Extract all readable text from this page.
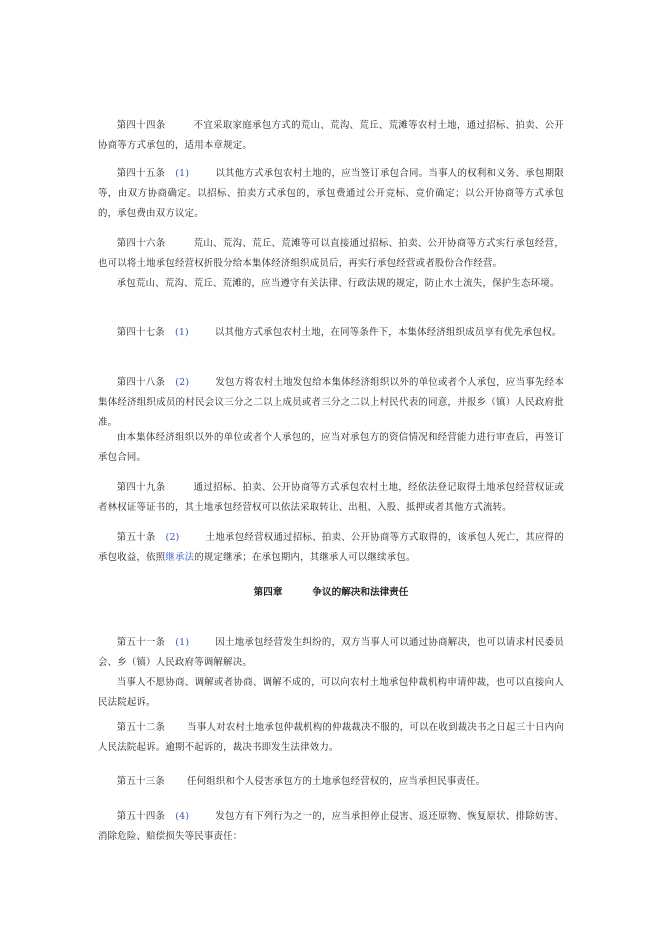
第四十四条	不宜采取家庭承包方式的荒山、荒沟、荒丘、荒滩等农村土地，通过招标、拍卖、公开协商等方式承包的，适用本章规定。

第四十五条 (1)	以其他方式承包农村土地的，应当签订承包合同。当事人的权利和义务、承包期限等，由双方协商确定。以招标、拍卖方式承包的，承包费通过公开竞标、竞价确定；以公开协商等方式承包的，承包费由双方议定。

第四十六条	荒山、荒沟、荒丘、荒滩等可以直接通过招标、拍卖、公开协商等方式实行承包经营，也可以将土地承包经营权折股分给本集体经济组织成员后，再实行承包经营或者股份合作经营。

承包荒山、荒沟、荒丘、荒滩的，应当遵守有关法律、行政法规的规定，防止水土流失，保护生态环境。

第四十七条 (1)	以其他方式承包农村土地，在同等条件下，本集体经济组织成员享有优先承包权。

第四十八条 (2)	发包方将农村土地发包给本集体经济组织以外的单位或者个人承包，应当事先经本集体经济组织成员的村民会议三分之二以上成员或者三分之二以上村民代表的同意，并报乡（镇）人民政府批准。

由本集体经济组织以外的单位或者个人承包的，应当对承包方的资信情况和经营能力进行审查后，再签订承包合同。

第四十九条	通过招标、拍卖、公开协商等方式承包农村土地，经依法登记取得土地承包经营权证或者林权证等证书的，其土地承包经营权可以依法采取转让、出租、入股、抵押或者其他方式流转。

第五十条 (2)	土地承包经营权通过招标、拍卖、公开协商等方式取得的，该承包人死亡，其应得的承包收益，依照继承法的规定继承；在承包期内，其继承人可以继续承包。

第四章	争议的解决和法律责任

第五十一条 (1)	因土地承包经营发生纠纷的，双方当事人可以通过协商解决，也可以请求村民委员会、乡（镇）人民政府等调解解决。

当事人不愿协商、调解或者协商、调解不成的，可以向农村土地承包仲裁机构申请仲裁，也可以直接向人民法院起诉。

第五十二条 当事人对农村土地承包仲裁机构的仲裁裁决不服的，可以在收到裁决书之日起三十日内向人民法院起诉。逾期不起诉的，裁决书即发生法律效力。

第五十三条 任何组织和个人侵害承包方的土地承包经营权的，应当承担民事责任。

第五十四条 (4)	发包方有下列行为之一的，应当承担停止侵害、返还原物、恢复原状、排除妨害、消除危险、赔偿损失等民事责任：
